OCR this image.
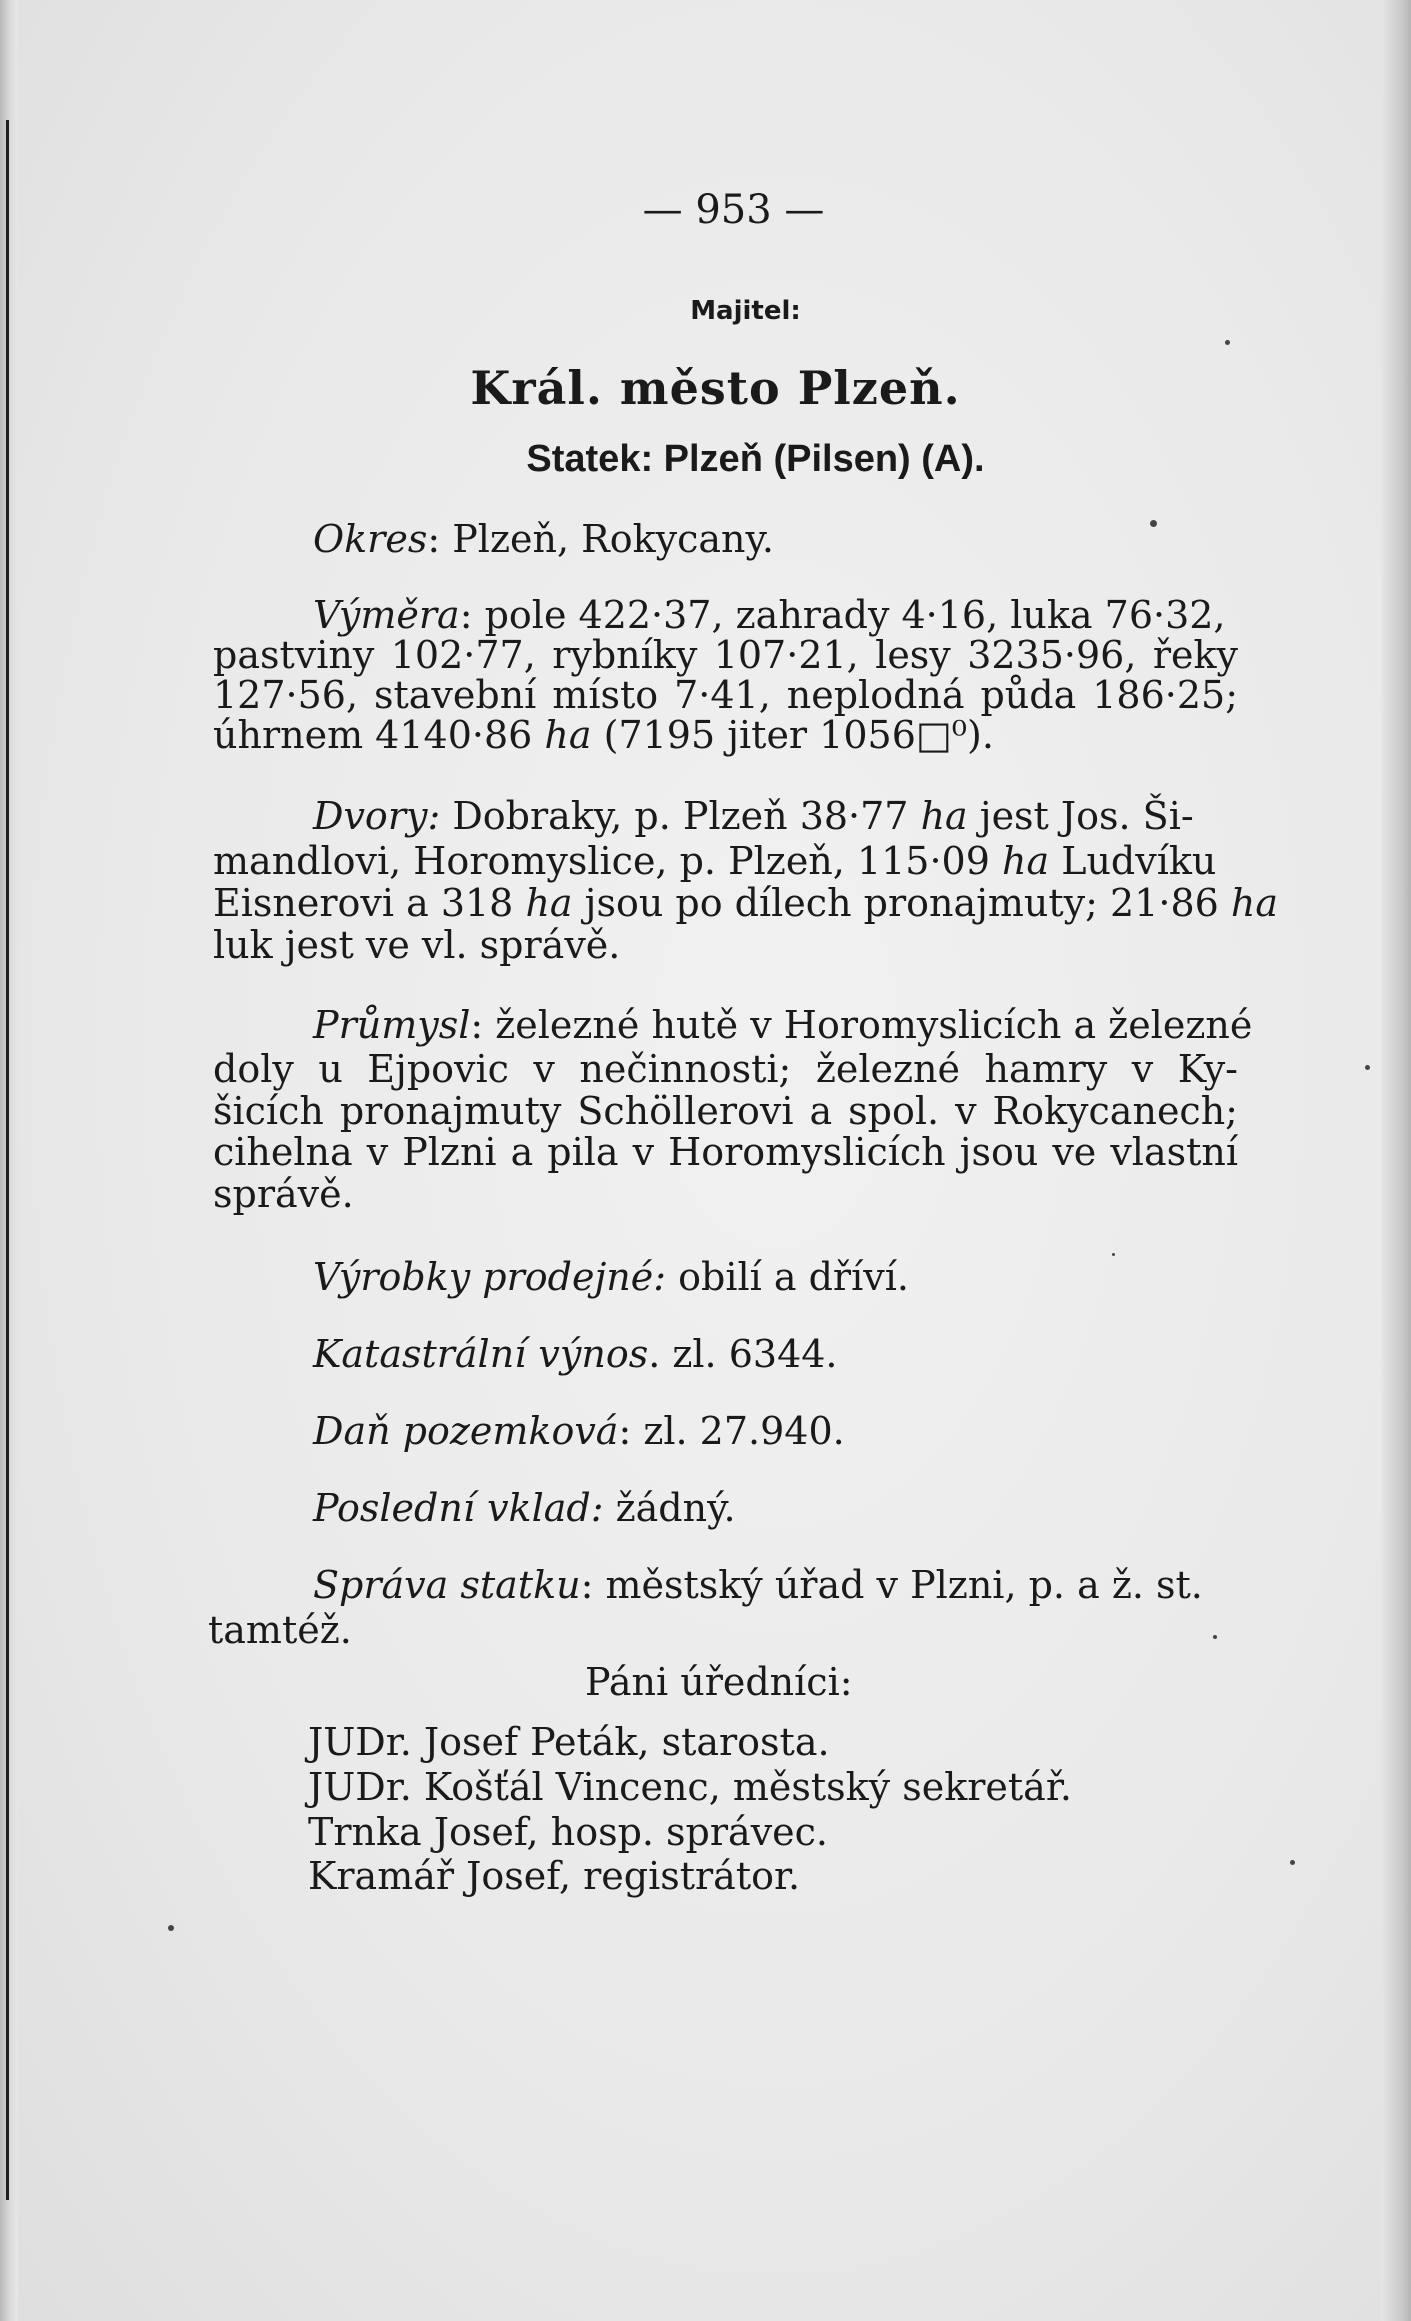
— 953 —
Majitel:
Král. město Plzeň.
Statek: Plzeň (Pilsen) (A).
Okres: Plzeň, Rokycany.
Výměra: pole 422·37, zahrady 4·16, luka 76·32,
pastviny 102·77, rybníky 107·21, lesy 3235·96, řeky
127·56, stavební místo 7·41, neplodná půda 186·25;
úhrnem 4140·86 ha (7195 jiter 1056□⁰).
Dvory: Dobraky, p. Plzeň 38·77 ha jest Jos. Ši-
mandlovi, Horomyslice, p. Plzeň, 115·09 ha Ludvíku
Eisnerovi a 318 ha jsou po dílech pronajmuty; 21·86 ha
luk jest ve vl. správě.
Průmysl: železné hutě v Horomyslicích a železné
doly u Ejpovic v nečinnosti; železné hamry v Ky-
šicích pronajmuty Schöllerovi a spol. v Rokycanech;
cihelna v Plzni a pila v Horomyslicích jsou ve vlastní
správě.
Výrobky prodejné: obilí a dříví.
Katastrální výnos. zl. 6344.
Daň pozemková: zl. 27.940.
Poslední vklad: žádný.
Správa statku: městský úřad v Plzni, p. a ž. st.
tamtéž.
Páni úředníci:
JUDr. Josef Peták, starosta.
JUDr. Košťál Vincenc, městský sekretář.
Trnka Josef, hosp. správec.
Kramář Josef, registrátor.
